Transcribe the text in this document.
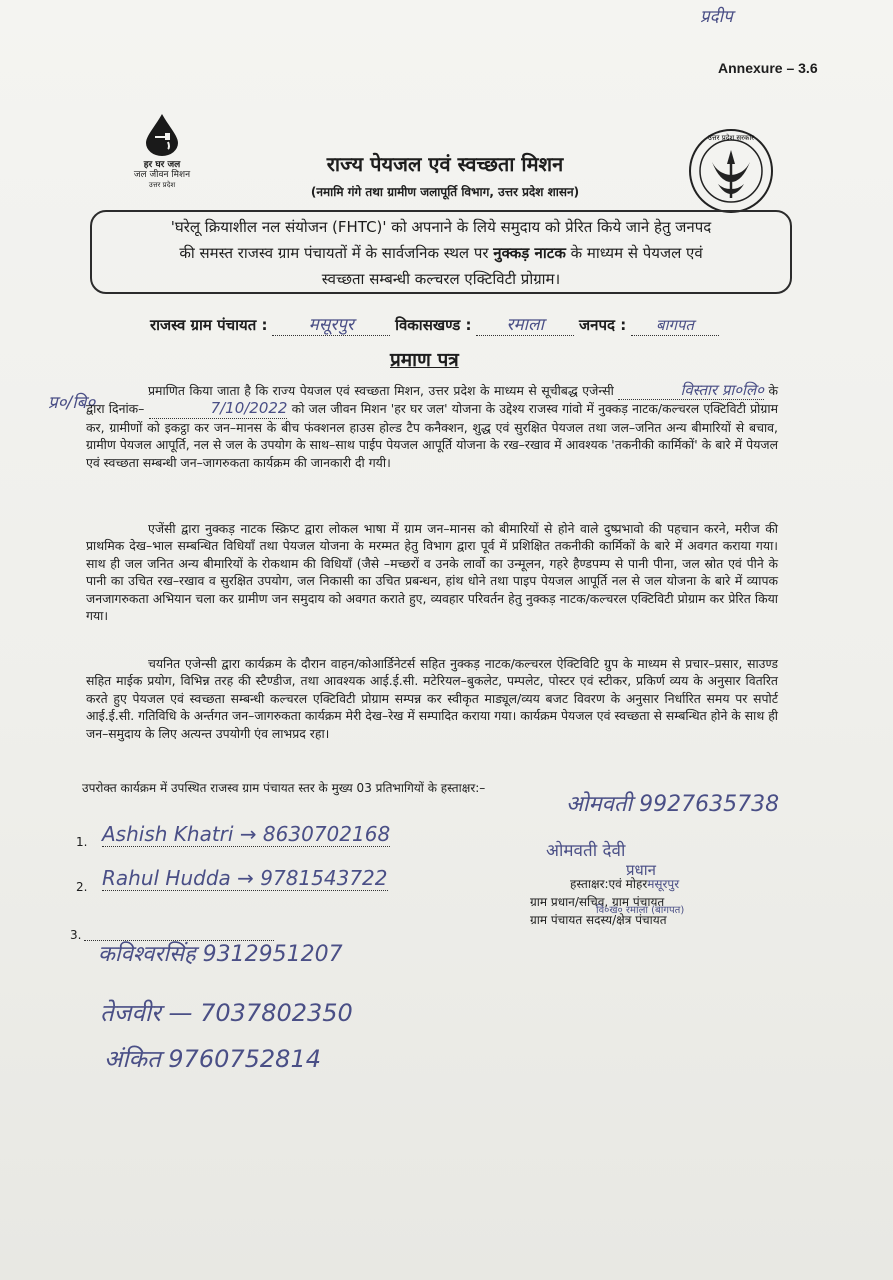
प्रदीप
Annexure – 3.6
हर घर जल
जल जीवन मिशन
उत्तर प्रदेश
राज्य पेयजल एवं स्वच्छता मिशन
(नमामि गंगे तथा ग्रामीण जलापूर्ति विभाग, उत्तर प्रदेश शासन)
उत्तर प्रदेश सरकार
'घरेलू क्रियाशील नल संयोजन (FHTC)' को अपनाने के लिये समुदाय को प्रेरित किये जाने हेतु जनपद
की समस्त राजस्व ग्राम पंचायतों में के सार्वजनिक स्थल पर नुक्कड़ नाटक के माध्यम से पेयजल एवं
स्वच्छता सम्बन्धी कल्चरल एक्टिविटी प्रोग्राम।
राजस्व ग्राम पंचायत : मसूरपुर	विकासखण्ड : रमाला जनपद : बागपत
प्रमाण पत्र
प्र०/बि०
प्रमाणित किया जाता है कि राज्य पेयजल एवं स्वच्छता मिशन, उत्तर प्रदेश के माध्यम से सूचीबद्ध एजेन्सी	विस्तार प्रा०लि० के द्वारा दिनांक–	7/10/2022 को जल जीवन मिशन 'हर घर जल' योजना के उद्देश्य राजस्व गांवो में नुक्कड़ नाटक/कल्चरल एक्टिविटी प्रोग्राम कर, ग्रामीणों को इकट्ठा कर जन–मानस के बीच फंक्शनल हाउस होल्ड टैप कनैक्शन, शुद्ध एवं सुरक्षित पेयजल तथा जल–जनित अन्य बीमारियों से बचाव, ग्रामीण पेयजल आपूर्ति, नल से जल के उपयोग के साथ–साथ पाईप पेयजल आपूर्ति योजना के रख–रखाव में आवश्यक 'तकनीकी कार्मिकों' के बारे में पेयजल एवं स्वच्छता सम्बन्धी जन–जागरुकता कार्यक्रम की जानकारी दी गयी।
एजेंसी द्वारा नुक्कड़ नाटक स्क्रिप्ट द्वारा लोकल भाषा में ग्राम जन–मानस को बीमारियों से होने वाले दुष्प्रभावो की पहचान करने, मरीज की प्राथमिक देख–भाल सम्बन्धित विधियाँ तथा पेयजल योजना के मरम्मत हेतु विभाग द्वारा पूर्व में प्रशिक्षित तकनीकी कार्मिकों के बारे में अवगत कराया गया। साथ ही जल जनित अन्य बीमारियों के रोकथाम की विधियाँ (जैसे –मच्छरों व उनके लार्वो का उन्मूलन, गहरे हैण्डपम्प से पानी पीना, जल स्रोत एवं पीने के पानी का उचित रख–रखाव व सुरक्षित उपयोग, जल निकासी का उचित प्रबन्धन, हांथ धोने तथा पाइप पेयजल आपूर्ति नल से जल योजना के बारे में व्यापक जनजागरुकता अभियान चला कर ग्रामीण जन समुदाय को अवगत कराते हुए, व्यवहार परिवर्तन हेतु नुक्कड़ नाटक/कल्चरल एक्टिविटी प्रोग्राम कर प्रेरित किया गया।
चयनित एजेन्सी द्वारा कार्यक्रम के दौरान वाहन/कोआर्डिनेटर्स सहित नुक्कड़ नाटक/कल्चरल ऐक्टिविटि ग्रुप के माध्यम से प्रचार–प्रसार, साउण्ड सहित माईक प्रयोग, विभिन्न तरह की स्टैण्डीज, तथा आवश्यक आई.ई.सी. मटेरियल–बुकलेट, पम्पलेट, पोस्टर एवं स्टीकर, प्रकिर्ण व्यय के अनुसार वितरित करते हुए पेयजल एवं स्वच्छता सम्बन्धी कल्चरल एक्टिविटी प्रोग्राम सम्पन्न कर स्वीकृत माड्यूल/व्यय बजट विवरण के अनुसार निर्धारित समय पर सपोर्ट आई.ई.सी. गतिविधि के अर्न्तगत जन–जागरुकता कार्यक्रम मेरी देख–रेख में सम्पादित कराया गया। कार्यक्रम पेयजल एवं स्वच्छता से सम्बन्धित होने के साथ ही जन–समुदाय के लिए अत्यन्त उपयोगी एंव लाभप्रद रहा।
उपरोक्त कार्यक्रम में उपस्थित राजस्व ग्राम पंचायत स्तर के मुख्य 03 प्रतिभागियों के हस्ताक्षर:–
1. Ashish Khatri → 8630702168
2. Rahul Hudda → 9781543722
3.
कविश्‍वरसिंह 9312951207
तेजवीर — 7037802350
अंकित 9760752814
ओमवती 9927635738
ओमवती देवी
प्रधान
हस्ताक्षर:एवं मोहरमसूरपुर
ग्राम प्रधान/सचिव, ग्राम पंचायत
वि०ख० रमाला (बागपत)
ग्राम पंचायत सदस्य/क्षेत्र पंचायत
